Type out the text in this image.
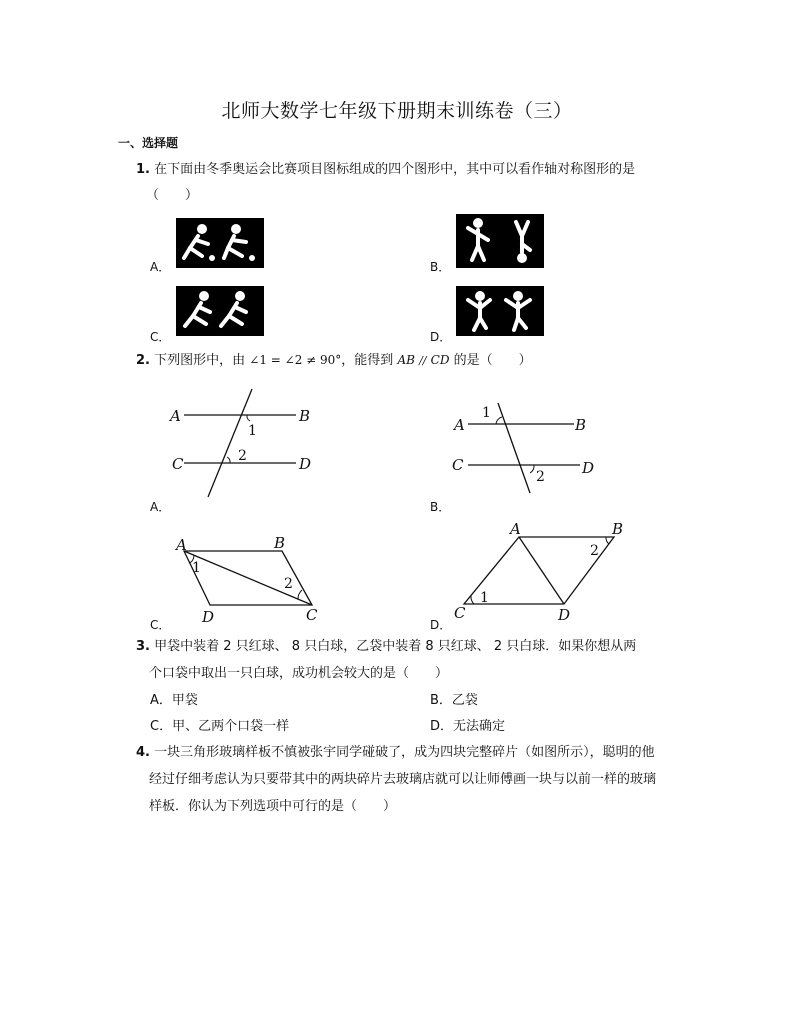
北师大数学七年级下册期末训练卷（三）
一、选择题
1. 在下面由冬季奥运会比赛项目图标组成的四个图形中，其中可以看作轴对称图形的是
（　　）
A．	B．
C．	D．
2. 下列图形中，由 ∠1 = ∠2 ≠ 90°，能得到 AB // CD 的是（　　）
A．
A	B
C	D
1
2
B．
A	B
C	D
1
2
C．
A	B
C
D
1
2
D．
A	B
C	D
1
2
3. 甲袋中装着 2 只红球、 8 只白球，乙袋中装着 8 只红球、 2 只白球．如果你想从两
个口袋中取出一只白球，成功机会较大的是（　　）
A．甲袋	B．乙袋
C．甲、乙两个口袋一样	D．无法确定
4. 一块三角形玻璃样板不慎被张宇同学碰破了，成为四块完整碎片（如图所示），聪明的他
经过仔细考虑认为只要带其中的两块碎片去玻璃店就可以让师傅画一块与以前一样的玻璃
样板．你认为下列选项中可行的是（　　）
